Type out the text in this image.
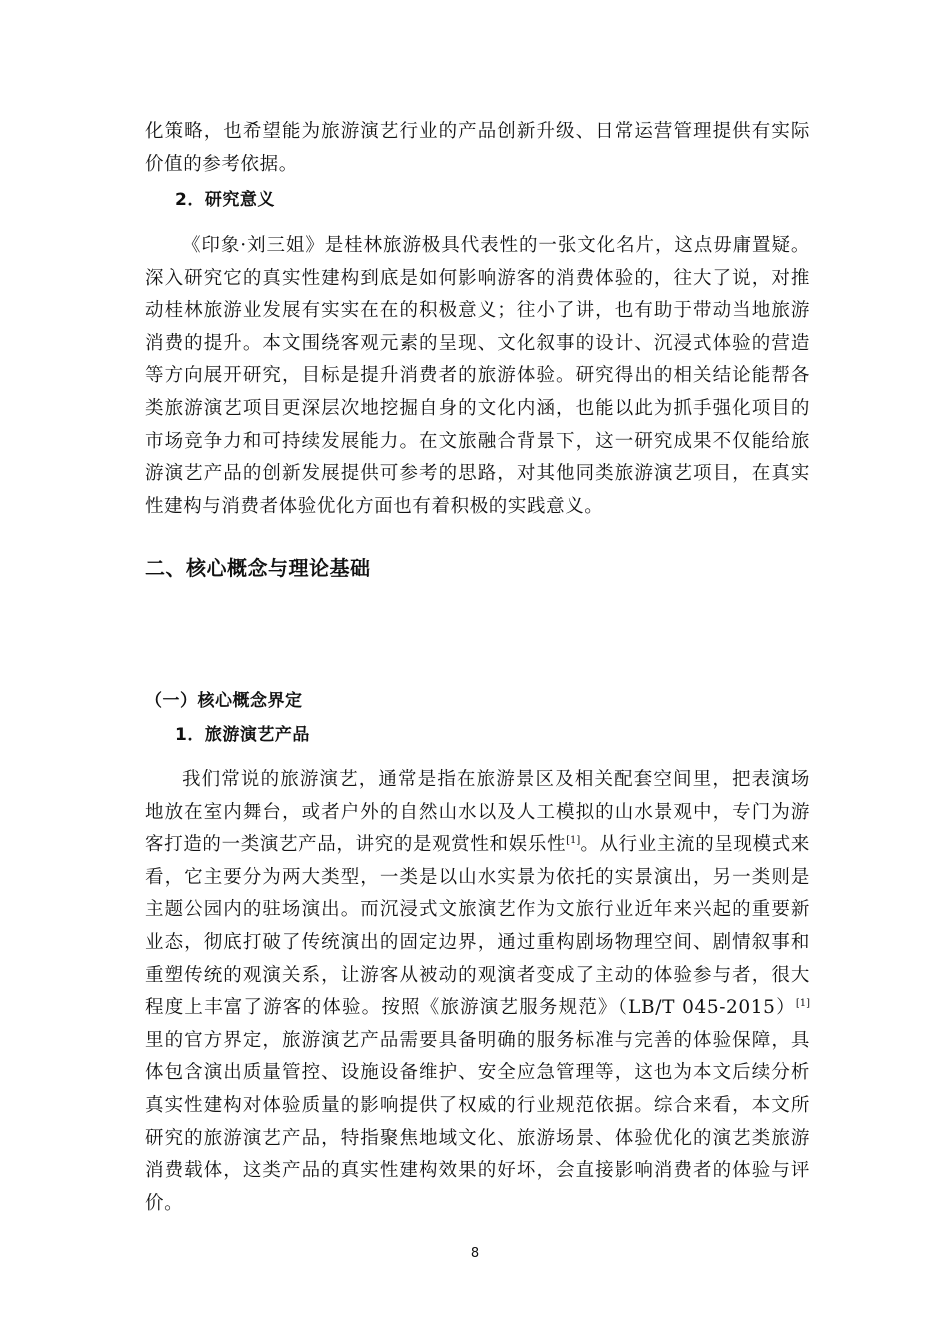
化策略，也希望能为旅游演艺行业的产品创新升级、日常运营管理提供有实际价值的参考依据。

2．研究意义

《印象·刘三姐》是桂林旅游极具代表性的一张文化名片，这点毋庸置疑。深入研究它的真实性建构到底是如何影响游客的消费体验的，往大了说，对推动桂林旅游业发展有实实在在的积极意义；往小了讲，也有助于带动当地旅游消费的提升。本文围绕客观元素的呈现、文化叙事的设计、沉浸式体验的营造等方向展开研究，目标是提升消费者的旅游体验。研究得出的相关结论能帮各类旅游演艺项目更深层次地挖掘自身的文化内涵，也能以此为抓手强化项目的市场竞争力和可持续发展能力。在文旅融合背景下，这一研究成果不仅能给旅游演艺产品的创新发展提供可参考的思路，对其他同类旅游演艺项目，在真实性建构与消费者体验优化方面也有着积极的实践意义。

二、核心概念与理论基础
（一）核心概念界定
1．旅游演艺产品

我们常说的旅游演艺，通常是指在旅游景区及相关配套空间里，把表演场地放在室内舞台，或者户外的自然山水以及人工模拟的山水景观中，专门为游客打造的一类演艺产品，讲究的是观赏性和娱乐性[1]。从行业主流的呈现模式来看，它主要分为两大类型，一类是以山水实景为依托的实景演出，另一类则是主题公园内的驻场演出。而沉浸式文旅演艺作为文旅行业近年来兴起的重要新业态，彻底打破了传统演出的固定边界，通过重构剧场物理空间、剧情叙事和重塑传统的观演关系，让游客从被动的观演者变成了主动的体验参与者，很大程度上丰富了游客的体验。按照《旅游演艺服务规范》（LB/T 045-2015）[1]里的官方界定，旅游演艺产品需要具备明确的服务标准与完善的体验保障，具体包含演出质量管控、设施设备维护、安全应急管理等，这也为本文后续分析真实性建构对体验质量的影响提供了权威的行业规范依据。综合来看，本文所研究的旅游演艺产品，特指聚焦地域文化、旅游场景、体验优化的演艺类旅游消费载体，这类产品的真实性建构效果的好坏，会直接影响消费者的体验与评价。

8
